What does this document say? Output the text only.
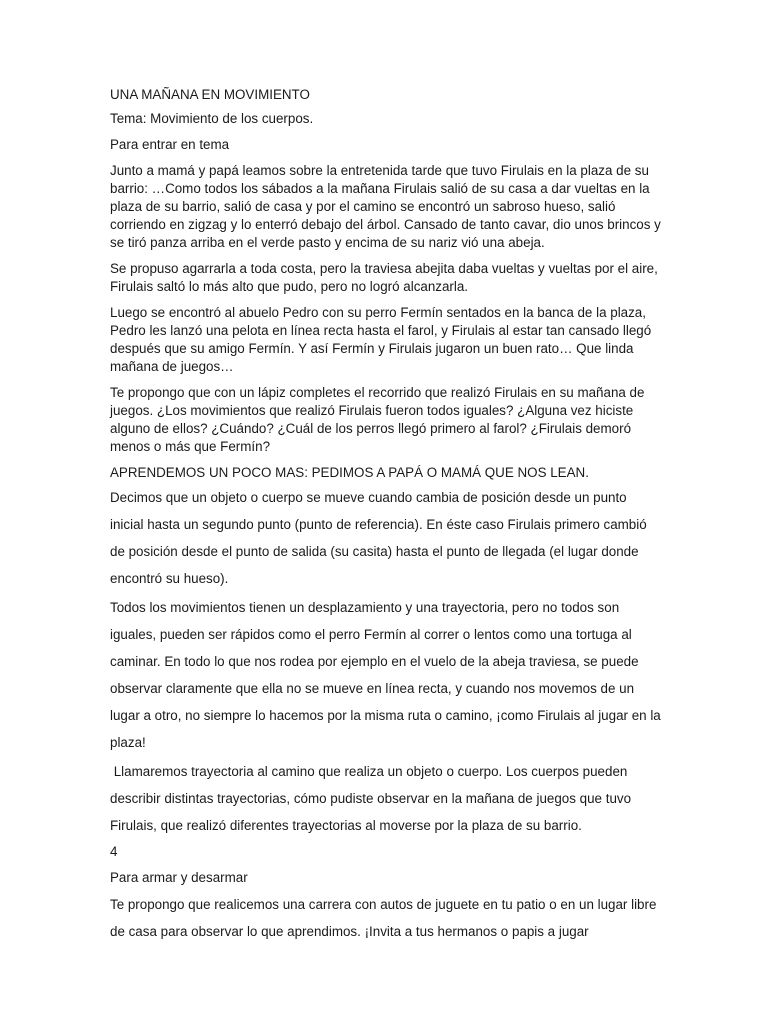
UNA MAÑANA EN MOVIMIENTO

Tema: Movimiento de los cuerpos.

Para entrar en tema

Junto a mamá y papá leamos sobre la entretenida tarde que tuvo Firulais en la plaza de su barrio: …Como todos los sábados a la mañana Firulais salió de su casa a dar vueltas en la plaza de su barrio, salió de casa y por el camino se encontró un sabroso hueso, salió corriendo en zigzag y lo enterró debajo del árbol. Cansado de tanto cavar, dio unos brincos y se tiró panza arriba en el verde pasto y encima de su nariz vió una abeja.

Se propuso agarrarla a toda costa, pero la traviesa abejita daba vueltas y vueltas por el aire, Firulais saltó lo más alto que pudo, pero no logró alcanzarla.

Luego se encontró al abuelo Pedro con su perro Fermín sentados en la banca de la plaza, Pedro les lanzó una pelota en línea recta hasta el farol, y Firulais al estar tan cansado llegó después que su amigo Fermín. Y así Fermín y Firulais jugaron un buen rato… Que linda mañana de juegos…

Te propongo que con un lápiz completes el recorrido que realizó Firulais en su mañana de juegos. ¿Los movimientos que realizó Firulais fueron todos iguales? ¿Alguna vez hiciste alguno de ellos? ¿Cuándo? ¿Cuál de los perros llegó primero al farol? ¿Firulais demoró menos o más que Fermín?

APRENDEMOS UN POCO MAS: PEDIMOS A PAPÁ O MAMÁ QUE NOS LEAN.

Decimos que un objeto o cuerpo se mueve cuando cambia de posición desde un punto inicial hasta un segundo punto (punto de referencia). En éste caso Firulais primero cambió de posición desde el punto de salida (su casita) hasta el punto de llegada (el lugar donde encontró su hueso).

Todos los movimientos tienen un desplazamiento y una trayectoria, pero no todos son iguales, pueden ser rápidos como el perro Fermín al correr o lentos como una tortuga al caminar. En todo lo que nos rodea por ejemplo en el vuelo de la abeja traviesa, se puede observar claramente que ella no se mueve en línea recta, y cuando nos movemos de un lugar a otro, no siempre lo hacemos por la misma ruta o camino, ¡como Firulais al jugar en la plaza!

Llamaremos trayectoria al camino que realiza un objeto o cuerpo. Los cuerpos pueden describir distintas trayectorias, cómo pudiste observar en la mañana de juegos que tuvo Firulais, que realizó diferentes trayectorias al moverse por la plaza de su barrio.

4

Para armar y desarmar

Te propongo que realicemos una carrera con autos de juguete en tu patio o en un lugar libre de casa para observar lo que aprendimos. ¡Invita a tus hermanos o papis a jugar
